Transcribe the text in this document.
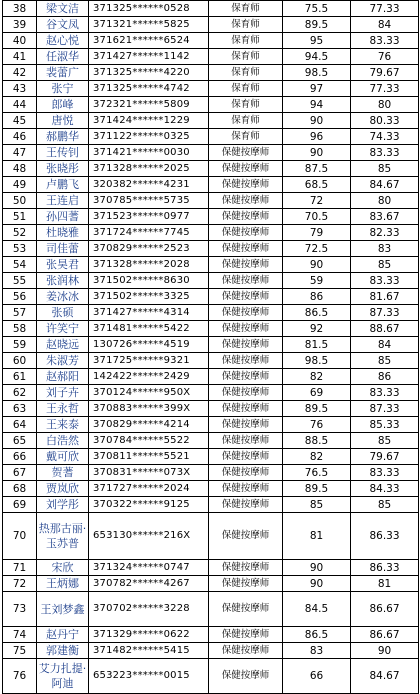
38	梁文洁	371325******0528	保育师	75.5	77.33
39	谷文凤	371321******5825	保育师	89.5	84
40	赵心悦	371621******6524	保育师	95	83.33
41	任淑华	371427******1142	保育师	94.5	76
42	裴蕾广	371325******4220	保育师	98.5	79.67
43	张宁	371325******4742	保育师	97	77.33
44	郎峰	372321******5809	保育师	94	80
45	唐悦	371424******1229	保育师	90	80.33
46	郝鹏华	371122******0325	保育师	96	74.33
47	王传钊	371421******0030	保健按摩师	90	83.33
48	张晓彤	371328******2025	保健按摩师	87.5	85
49	卢鹏飞	320382******4231	保健按摩师	68.5	84.67
50	王连启	370785******5735	保健按摩师	72	80
51	孙四蓍	371523******0977	保健按摩师	70.5	83.67
52	杜晓雅	371724******7745	保健按摩师	79	82.33
53	司佳蕾	370829******2523	保健按摩师	72.5	83
54	张昊君	371328******2028	保健按摩师	90	85
55	张润林	371502******8630	保健按摩师	59	83.33
56	姜冰冰	371502******3325	保健按摩师	86	81.67
57	张硕	371427******4314	保健按摩师	86.5	87.33
58	许笑宁	371481******5422	保健按摩师	92	88.67
59	赵晓远	130726******4519	保健按摩师	81.5	84
60	朱淑芳	371725******9321	保健按摩师	98.5	85
61	赵郝阳	142422******2429	保健按摩师	82	86
62	刘子卉	370124******950X	保健按摩师	69	83.33
63	王永哲	370883******399X	保健按摩师	89.5	87.33
64	王来泰	370829******4214	保健按摩师	76	85.33
65	白浩然	370784******5522	保健按摩师	88.5	85
66	戴可欣	370811******5521	保健按摩师	82	79.67
67	贺蓍	370831******073X	保健按摩师	76.5	83.33
68	贾岚欣	371727******2024	保健按摩师	89.5	84.33
69	刘学彤	370322******9125	保健按摩师	85	85
70	热那古丽·玉苏普	653130******216X	保健按摩师	81	86.33
71	宋欣	371324******0747	保健按摩师	90	86.33
72	王炳娜	370782******4267	保健按摩师	90	81
73	王刘梦鑫	370702******3228	保健按摩师	84.5	86.67
74	赵丹宁	371329******0622	保健按摩师	86.5	86.67
75	郭建衡	371482******5415	保健按摩师	83	90
76	艾力扎提·阿迪	653223******0015	保健按摩师	66	84.67
